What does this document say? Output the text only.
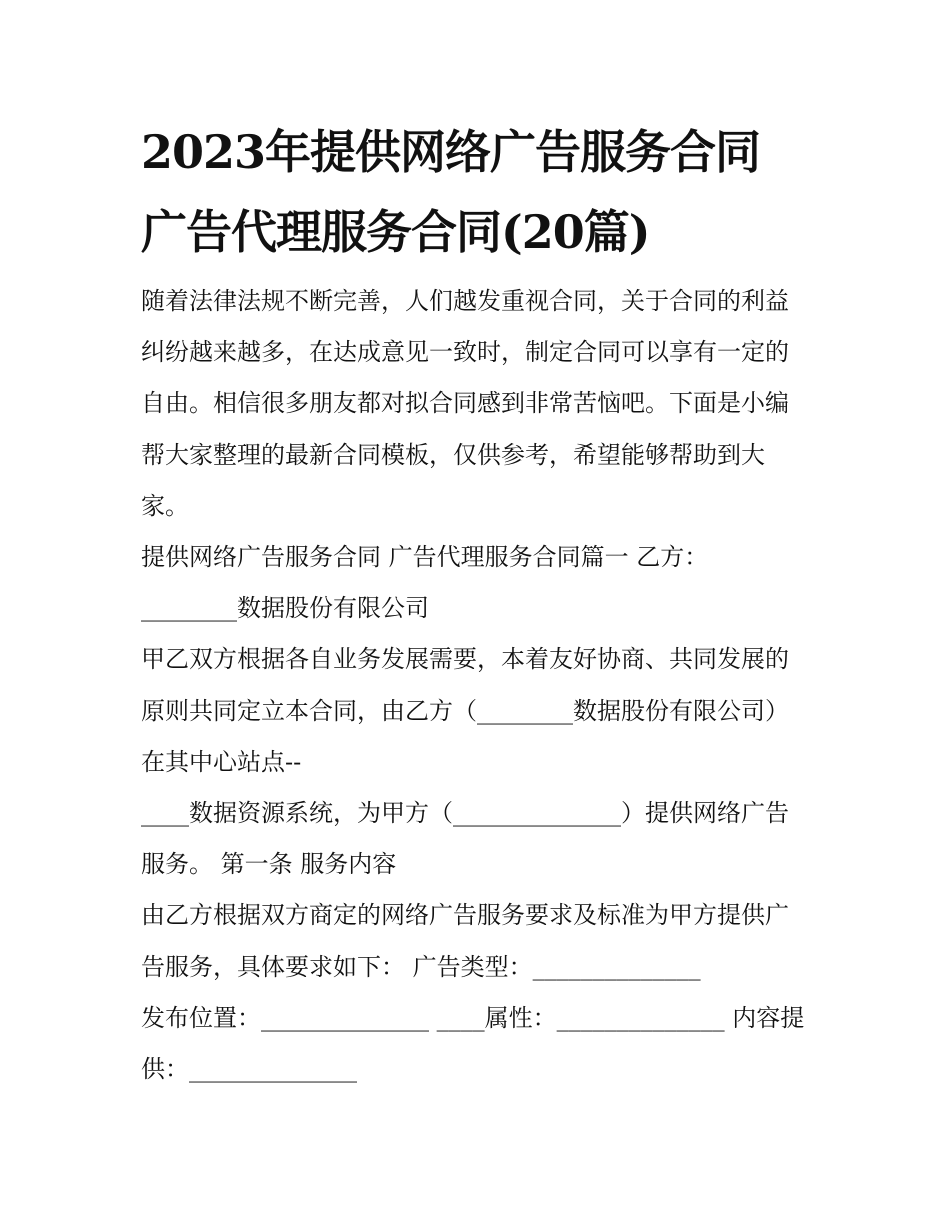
2023年提供网络广告服务合同
广告代理服务合同(20篇)

随着法律法规不断完善，人们越发重视合同，关于合同的利益
纠纷越来越多，在达成意见一致时，制定合同可以享有一定的
自由。相信很多朋友都对拟合同感到非常苦恼吧。下面是小编
帮大家整理的最新合同模板，仅供参考，希望能够帮助到大
家。

提供网络广告服务合同 广告代理服务合同篇一 乙方：
________数据股份有限公司

甲乙双方根据各自业务发展需要，本着友好协商、共同发展的
原则共同定立本合同，由乙方（________数据股份有限公司）
在其中心站点--

____数据资源系统，为甲方（______________）提供网络广告
服务。 第一条 服务内容

由乙方根据双方商定的网络广告服务要求及标准为甲方提供广
告服务，具体要求如下： 广告类型：______________

发布位置：______________ ____属性：______________ 内容提
供：______________
